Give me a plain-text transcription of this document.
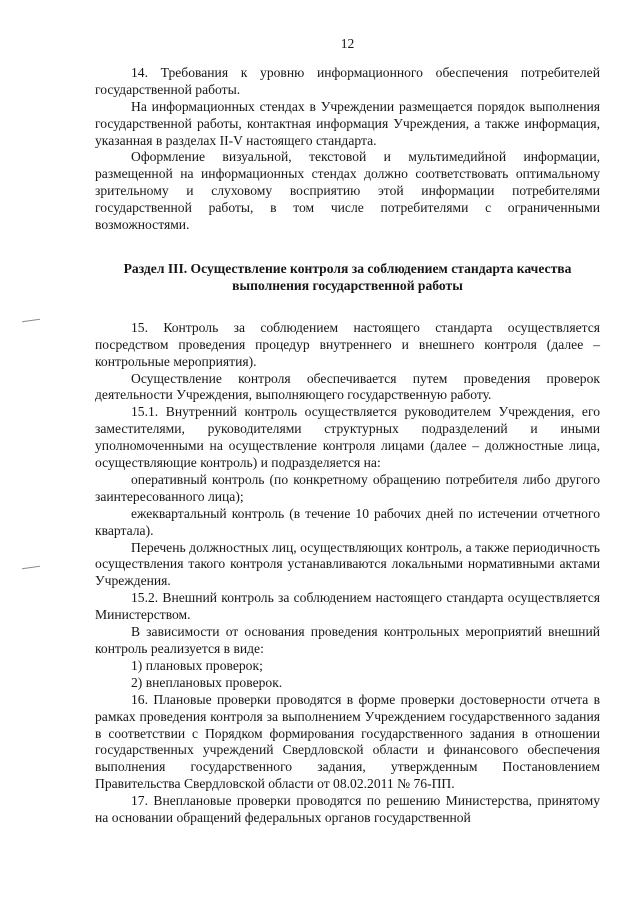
12

14. Требования к уровню информационного обеспечения потребителей государственной работы.

На информационных стендах в Учреждении размещается порядок выполнения государственной работы, контактная информация Учреждения, а также информация, указанная в разделах II-V настоящего стандарта.

Оформление визуальной, текстовой и мультимедийной информации, размещенной на информационных стендах должно соответствовать оптимальному зрительному и слуховому восприятию этой информации потребителями государственной работы, в том числе потребителями с ограниченными возможностями.

Раздел III. Осуществление контроля за соблюдением стандарта качества выполнения государственной работы

15. Контроль за соблюдением настоящего стандарта осуществляется посредством проведения процедур внутреннего и внешнего контроля (далее – контрольные мероприятия).

Осуществление контроля обеспечивается путем проведения проверок деятельности Учреждения, выполняющего государственную работу.

15.1. Внутренний контроль осуществляется руководителем Учреждения, его заместителями, руководителями структурных подразделений и иными уполномоченными на осуществление контроля лицами (далее – должностные лица, осуществляющие контроль) и подразделяется на:

оперативный контроль (по конкретному обращению потребителя либо другого заинтересованного лица);

ежеквартальный контроль (в течение 10 рабочих дней по истечении отчетного квартала).

Перечень должностных лиц, осуществляющих контроль, а также периодичность осуществления такого контроля устанавливаются локальными нормативными актами Учреждения.

15.2. Внешний контроль за соблюдением настоящего стандарта осуществляется Министерством.

В зависимости от основания проведения контрольных мероприятий внешний контроль реализуется в виде:

1) плановых проверок;

2) внеплановых проверок.

16. Плановые проверки проводятся в форме проверки достоверности отчета в рамках проведения контроля за выполнением Учреждением государственного задания в соответствии с Порядком формирования государственного задания в отношении государственных учреждений Свердловской области и финансового обеспечения выполнения государственного задания, утвержденным Постановлением Правительства Свердловской области от 08.02.2011 № 76-ПП.

17. Внеплановые проверки проводятся по решению Министерства, принятому на основании обращений федеральных органов государственной
